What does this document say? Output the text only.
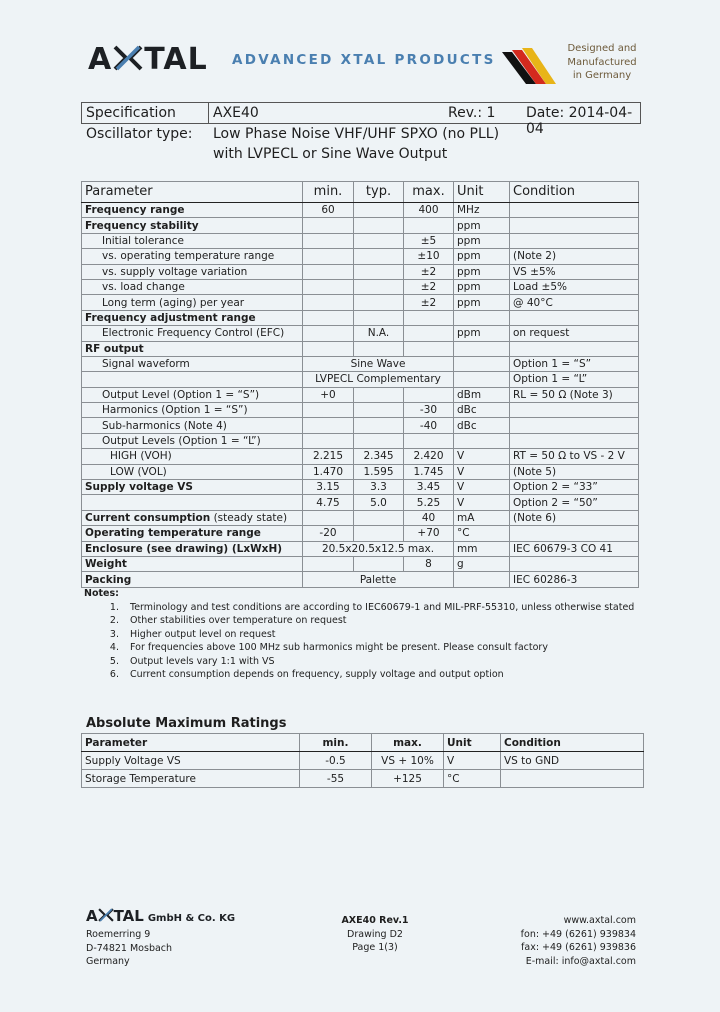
A TAL ADVANCED XTAL PRODUCTS
Designed and
Manufactured
in Germany
Specification	AXE40	Rev.: 1 Date: 2014-04-04
Oscillator type: Low Phase Noise VHF/UHF SPXO (no PLL)
with LVPECL or Sine Wave Output
Parameter	min.	typ.	max.	Unit	Condition
Frequency range	60		400	MHz	
Frequency stability				ppm	
Initial tolerance			±5	ppm	
vs. operating temperature range			±10	ppm	(Note 2)
vs. supply voltage variation			±2	ppm	VS ±5%
vs. load change			±2	ppm	Load ±5%
Long term (aging) per year			±2	ppm	@ 40°C
Frequency adjustment range					
Electronic Frequency Control (EFC)		N.A.		ppm	on request
RF output					
Signal waveform	Sine Wave				Option 1 = “S”
	LVPECL Complementary				Option 1 = “L”
Output Level (Option 1 = “S”)	+0			dBm	RL = 50 Ω (Note 3)
Harmonics (Option 1 = “S”)			-30	dBc	
Sub-harmonics (Note 4)			-40	dBc	
Output Levels (Option 1 = “L”)					
HIGH (VOH)	2.215	2.345	2.420	V	RT = 50 Ω to VS - 2 V
LOW (VOL)	1.470	1.595	1.745	V	(Note 5)
Supply voltage VS	3.15	3.3	3.45	V	Option 2 = “33”
	4.75	5.0	5.25	V	Option 2 = “50”
Current consumption (steady state)			40	mA	(Note 6)
Operating temperature range	-20		+70	°C	
Enclosure (see drawing) (LxWxH)	20.5x20.5x12.5 max.			mm	IEC 60679-3 CO 41
Weight			8	g	
Packing	Palette				IEC 60286-3
Notes:
1. Terminology and test conditions are according to IEC60679-1 and MIL-PRF-55310, unless otherwise stated
2. Other stabilities over temperature on request
3. Higher output level on request
4. For frequencies above 100 MHz sub harmonics might be present. Please consult factory
5. Output levels vary 1:1 with VS
6. Current consumption depends on frequency, supply voltage and output option
Absolute Maximum Ratings
Parameter	min.	max.	Unit	Condition
Supply Voltage VS	-0.5	VS + 10%	V	VS to GND
Storage Temperature	-55	+125	°C	
A TAL GmbH & Co. KG
Roemerring 9
D-74821 Mosbach
Germany
AXE40 Rev.1
Drawing D2
Page 1(3)
www.axtal.com
fon: +49 (6261) 939834
fax: +49 (6261) 939836
E-mail: info@axtal.com
